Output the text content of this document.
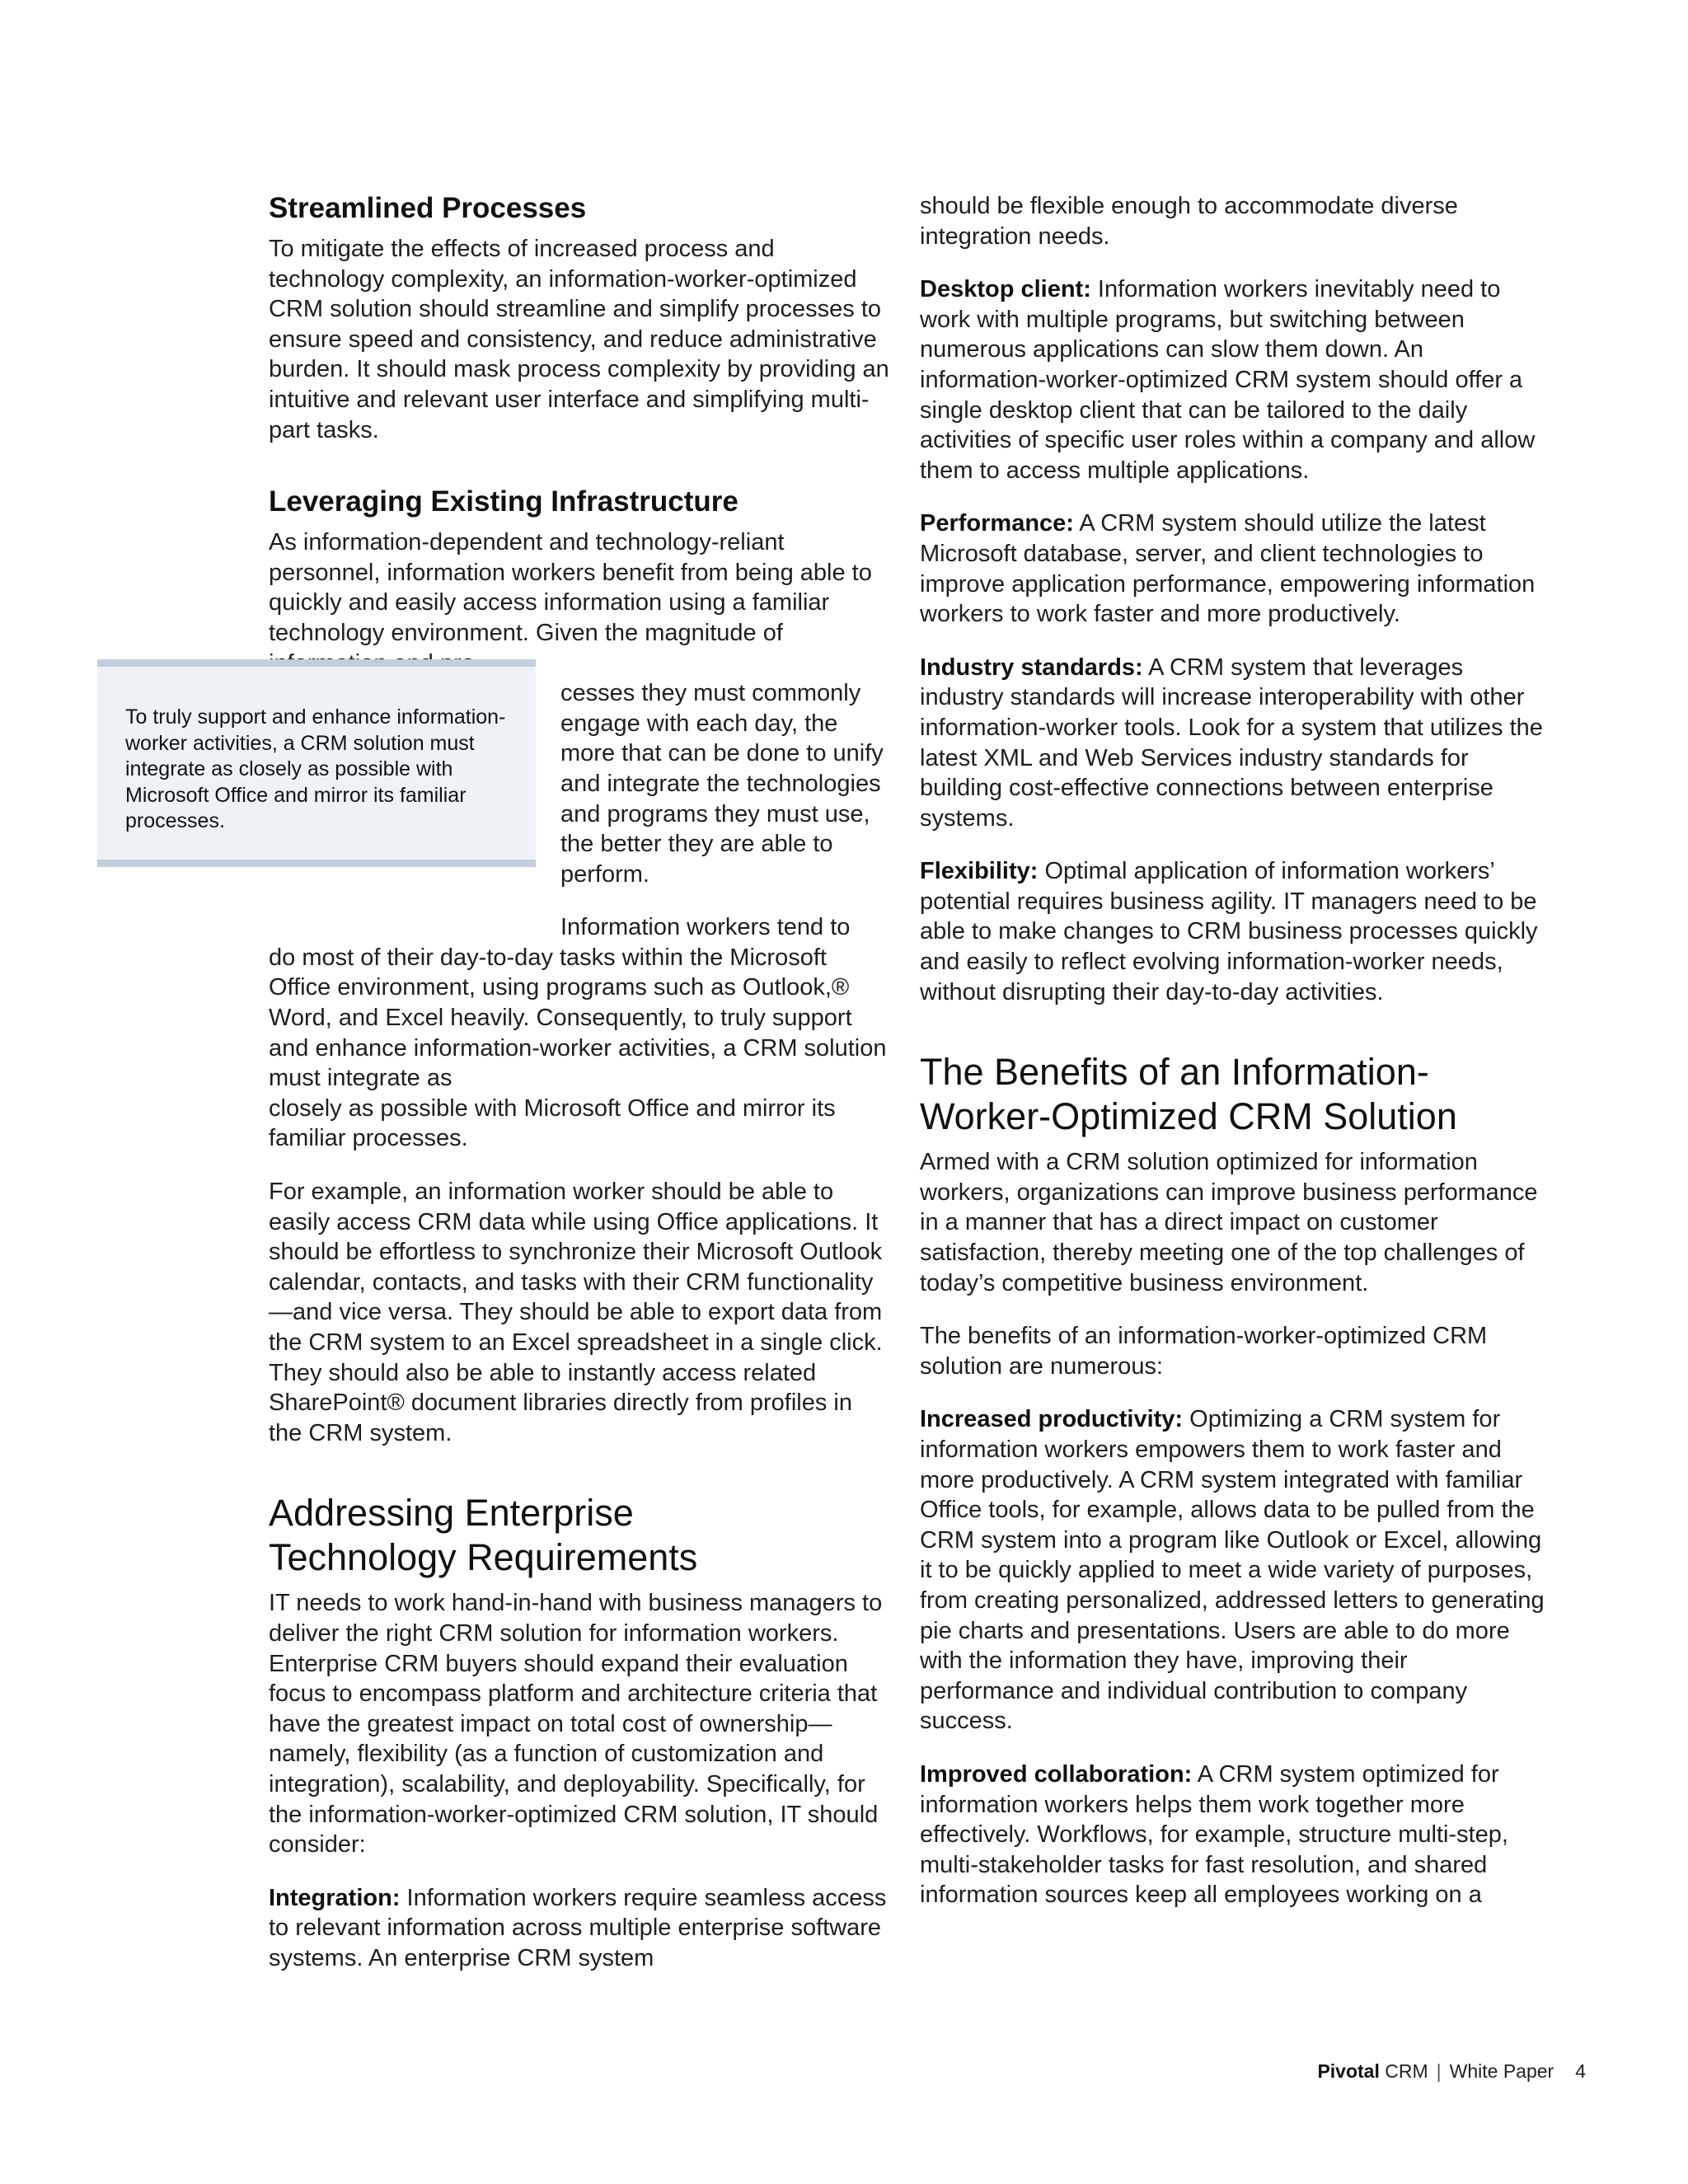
Streamlined Processes

To mitigate the effects of increased process and technology complexity, an information-worker-optimized CRM solution should streamline and simplify processes to ensure speed and consistency, and reduce administrative burden. It should mask process complexity by providing an intuitive and relevant user interface and simplifying multi-part tasks.

Leveraging Existing Infrastructure

As information-dependent and technology-reliant personnel, information workers benefit from being able to quickly and easily access information using a familiar technology environment. Given the magnitude of

cesses they must commonly engage with each day, the more that can be done to unify and integrate the technologies and programs they must use, the better they are able to perform.

Information workers tend to

do most of their day-to-day tasks within the Microsoft Office environment, using programs such as Outlook,® Word, and Excel heavily. Consequently, to truly support and enhance information-worker activities, a CRM solution must integrate as

closely as possible with Microsoft Office and mirror its familiar processes.

For example, an information worker should be able to easily access CRM data while using Office applications. It should be effortless to synchronize their Microsoft Outlook calendar, contacts, and tasks with their CRM functionality—and vice versa. They should be able to export data from the CRM system to an Excel spreadsheet in a single click. They should also be able to instantly access related SharePoint® document libraries directly from profiles in the CRM system.

Addressing Enterprise
Technology Requirements

IT needs to work hand-in-hand with business managers to deliver the right CRM solution for information workers. Enterprise CRM buyers should expand their evaluation focus to encompass platform and architecture criteria that have the greatest impact on total cost of ownership—namely, flexibility (as a function of customization and integration), scalability, and deployability. Specifically, for the information-worker-optimized CRM solution, IT should consider:

Integration: Information workers require seamless access to relevant information across multiple enterprise software systems. An enterprise CRM system

To truly support and enhance information-worker activities, a CRM solution must integrate as closely as possible with Microsoft Office and mirror its familiar processes.

should be flexible enough to accommodate diverse integration needs.

Desktop client: Information workers inevitably need to work with multiple programs, but switching between numerous applications can slow them down. An information-worker-optimized CRM system should offer a single desktop client that can be tailored to the daily activities of specific user roles within a company and allow them to access multiple applications.

Performance: A CRM system should utilize the latest Microsoft database, server, and client technologies to improve application performance, empowering information workers to work faster and more productively.

Industry standards: A CRM system that leverages industry standards will increase interoperability with other information-worker tools. Look for a system that utilizes the latest XML and Web Services industry standards for building cost-effective connections between enterprise systems.

Flexibility: Optimal application of information workers’ potential requires business agility. IT managers need to be able to make changes to CRM business processes quickly and easily to reflect evolving information-worker needs, without disrupting their day-to-day activities.

The Benefits of an Information-
Worker-Optimized CRM Solution

Armed with a CRM solution optimized for information workers, organizations can improve business performance in a manner that has a direct impact on customer satisfaction, thereby meeting one of the top challenges of today’s competitive business environment.

The benefits of an information-worker-optimized CRM solution are numerous:

Increased productivity: Optimizing a CRM system for information workers empowers them to work faster and more productively. A CRM system integrated with familiar Office tools, for example, allows data to be pulled from the CRM system into a program like Outlook or Excel, allowing it to be quickly applied to meet a wide variety of purposes, from creating personalized, addressed letters to generating pie charts and presentations. Users are able to do more with the information they have, improving their performance and individual contribution to company success.

Improved collaboration: A CRM system optimized for information workers helps them work together more effectively. Workflows, for example, structure multi-step, multi-stakeholder tasks for fast resolution, and shared information sources keep all employees working on a

Pivotal CRM | White Paper 4
